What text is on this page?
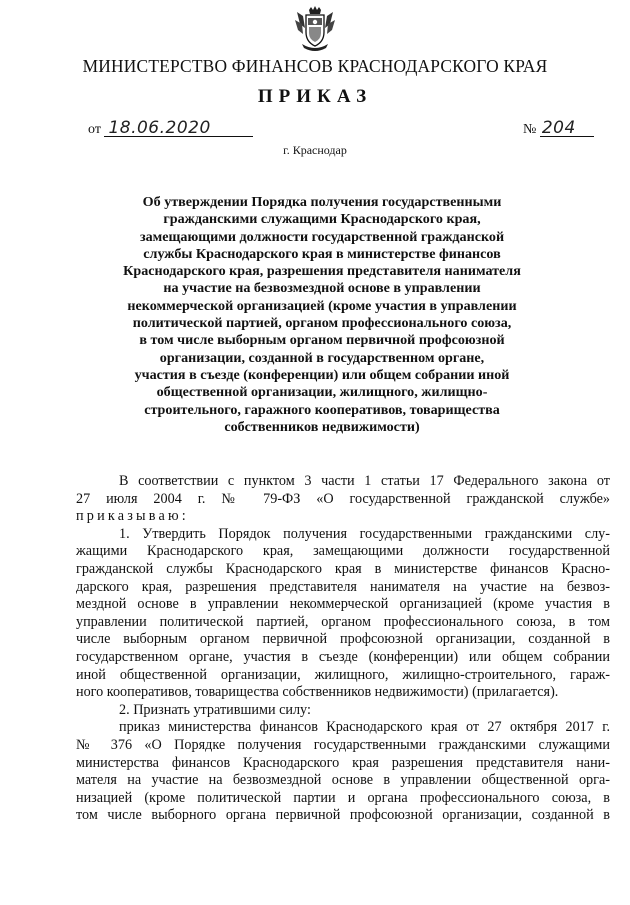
МИНИСТЕРСТВО ФИНАНСОВ КРАСНОДАРСКОГО КРАЯ
ПРИКАЗ
от 18.06.2020	№ 204
г. Краснодар
Об утверждении Порядка получения государственными
гражданскими служащими Краснодарского края,
замещающими должности государственной гражданской
службы Краснодарского края в министерстве финансов
Краснодарского края, разрешения представителя нанимателя
на участие на безвозмездной основе в управлении
некоммерческой организацией (кроме участия в управлении
политической партией, органом профессионального союза,
в том числе выборным органом первичной профсоюзной
организации, созданной в государственном органе,
участия в съезде (конференции) или общем собрании иной
общественной организации, жилищного, жилищно-
строительного, гаражного кооперативов, товарищества
собственников недвижимости)
В соответствии с пунктом 3 части 1 статьи 17 Федерального закона от
27 июля 2004 г. № 79-ФЗ «О государственной гражданской службе»
приказываю:
1. Утвердить Порядок получения государственными гражданскими слу-
жащими Краснодарского края, замещающими должности государственной
гражданской службы Краснодарского края в министерстве финансов Красно-
дарского края, разрешения представителя нанимателя на участие на безвоз-
мездной основе в управлении некоммерческой организацией (кроме участия в
управлении политической партией, органом профессионального союза, в том
числе выборным органом первичной профсоюзной организации, созданной в
государственном органе, участия в съезде (конференции) или общем собрании
иной общественной организации, жилищного, жилищно-строительного, гараж-
ного кооперативов, товарищества собственников недвижимости) (прилагается).
2. Признать утратившими силу:
приказ министерства финансов Краснодарского края от 27 октября 2017 г.
№ 376 «О Порядке получения государственными гражданскими служащими
министерства финансов Краснодарского края разрешения представителя нани-
мателя на участие на безвозмездной основе в управлении общественной орга-
низацией (кроме политической партии и органа профессионального союза, в
том числе выборного органа первичной профсоюзной организации, созданной в
